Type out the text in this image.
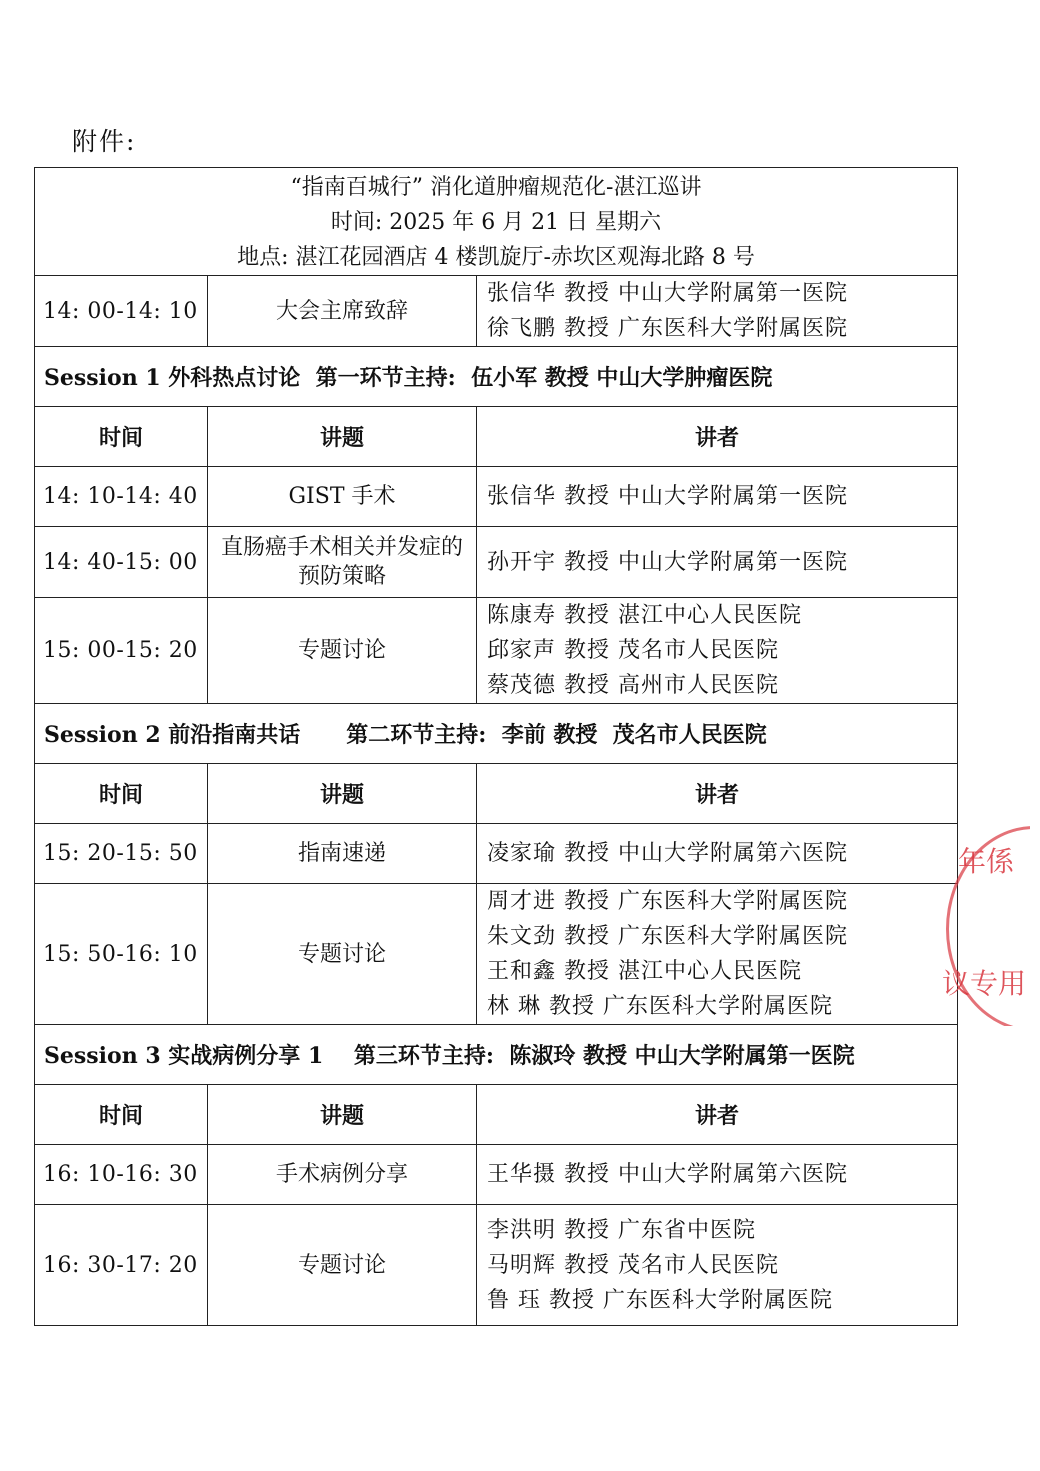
附件:
“指南百城行” 消化道肿瘤规范化-湛江巡讲
时间: 2025 年 6 月 21 日 星期六
地点: 湛江花园酒店 4 楼凯旋厅-赤坎区观海北路 8 号		

14: 00-14: 10	大会主席致辞	张信华 教授 中山大学附属第一医院
徐飞鹏 教授 广东医科大学附属医院

Session 1 外科热点讨论  第一环节主持:  伍小军 教授 中山大学肿瘤医院		
时间	讲题	讲者
14: 10-14: 40	GIST 手术	张信华 教授 中山大学附属第一医院

14: 40-15: 00	直肠癌手术相关并发症的预防策略	孙开宇 教授 中山大学附属第一医院

15: 00-15: 20	专题讨论	陈康寿 教授 湛江中心人民医院
邱家声 教授 茂名市人民医院
蔡茂德 教授 高州市人民医院

Session 2 前沿指南共话      第二环节主持:  李前 教授  茂名市人民医院		
时间	讲题	讲者
15: 20-15: 50	指南速递	凌家瑜 教授 中山大学附属第六医院

15: 50-16: 10	专题讨论	周才进 教授 广东医科大学附属医院
朱文劲 教授 广东医科大学附属医院
王和鑫 教授 湛江中心人民医院
林 琳 教授 广东医科大学附属医院

Session 3 实战病例分享 1    第三环节主持:  陈淑玲 教授 中山大学附属第一医院		
时间	讲题	讲者
16: 10-16: 30	手术病例分享	王华摄 教授 中山大学附属第六医院

16: 30-17: 20	专题讨论	李洪明 教授 广东省中医院
马明辉 教授 茂名市人民医院
鲁 珏 教授 广东医科大学附属医院
年係
议专用
